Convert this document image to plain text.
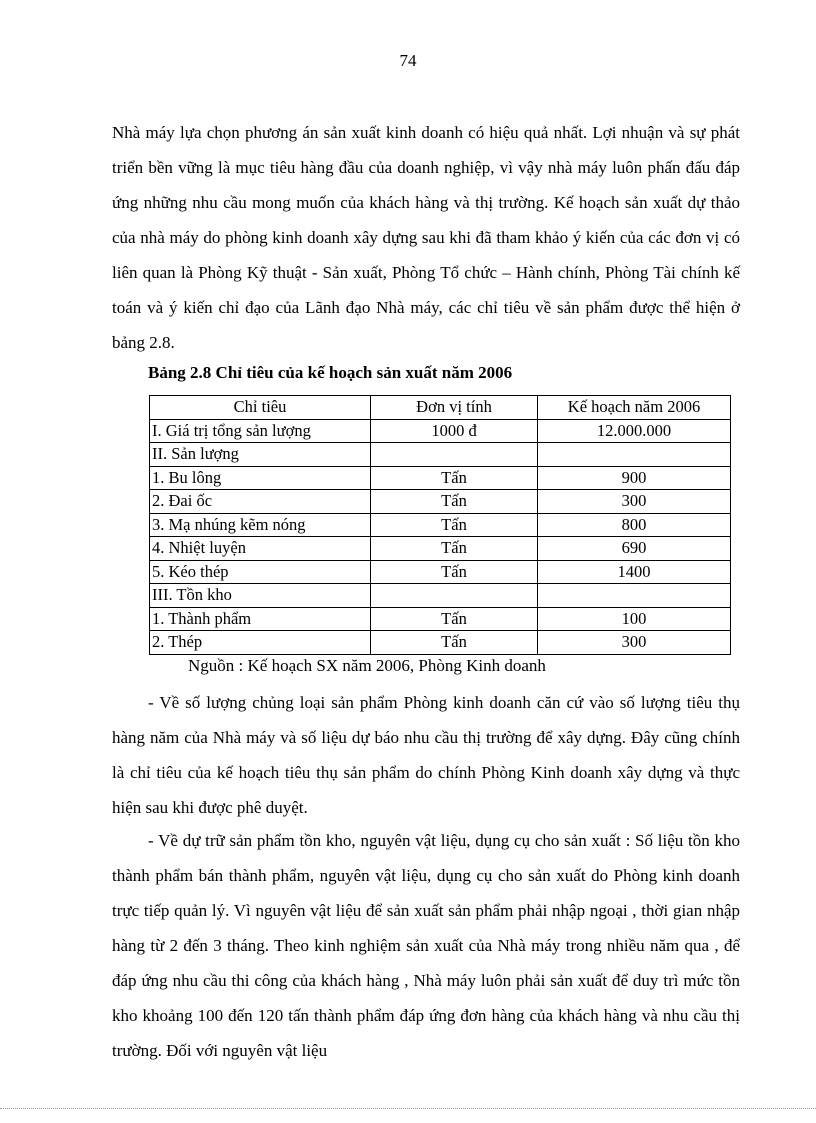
74

Nhà máy lựa chọn phương án sản xuất kinh doanh có hiệu quả nhất. Lợi nhuận và sự phát triển bền vững là mục tiêu hàng đầu của doanh nghiệp, vì vậy nhà máy luôn phấn đấu đáp ứng những nhu cầu mong muốn của khách hàng và thị trường. Kế hoạch sản xuất dự thảo của nhà máy do phòng kinh doanh xây dựng sau khi đã tham khảo ý kiến của các đơn vị có liên quan là Phòng Kỹ thuật - Sản xuất, Phòng Tổ chức – Hành chính, Phòng Tài chính kế toán và ý kiến chỉ đạo của Lãnh đạo Nhà máy, các chỉ tiêu về sản phẩm được thể hiện ở bảng 2.8.

Bảng 2.8 Chỉ tiêu của kế hoạch sản xuất năm 2006

Chỉ tiêu	Đơn vị tính	Kế hoạch năm 2006
I. Giá trị tổng sản lượng	1000 đ	12.000.000
II. Sản lượng		
1. Bu lông	Tấn	900
2. Đai ốc	Tấn	300
3. Mạ nhúng kẽm nóng	Tấn	800
4. Nhiệt luyện	Tấn	690
5. Kéo thép	Tấn	1400
III. Tồn kho		
1. Thành phẩm	Tấn	100
2. Thép	Tấn	300

Nguồn : Kế hoạch SX năm 2006, Phòng Kinh doanh

- Về số lượng chủng loại sản phẩm Phòng kinh doanh căn cứ vào số lượng tiêu thụ hàng năm của Nhà máy và số liệu dự báo nhu cầu thị trường để xây dựng. Đây cũng chính là chỉ tiêu của kế hoạch tiêu thụ sản phẩm do chính Phòng Kinh doanh xây dựng và thực hiện sau khi được phê duyệt.

- Về dự trữ sản phẩm tồn kho, nguyên vật liệu, dụng cụ cho sản xuất : Số liệu tồn kho thành phẩm bán thành phẩm, nguyên vật liệu, dụng cụ cho sản xuất do Phòng kinh doanh trực tiếp quản lý. Vì nguyên vật liệu để sản xuất sản phẩm phải nhập ngoại , thời gian nhập hàng từ 2 đến 3 tháng. Theo kinh nghiệm sản xuất của Nhà máy trong nhiều năm qua , để đáp ứng nhu cầu thi công của khách hàng , Nhà máy luôn phải sản xuất để duy trì mức tồn kho khoảng 100 đến 120 tấn thành phẩm đáp ứng đơn hàng của khách hàng và nhu cầu thị trường. Đối với nguyên vật liệu
